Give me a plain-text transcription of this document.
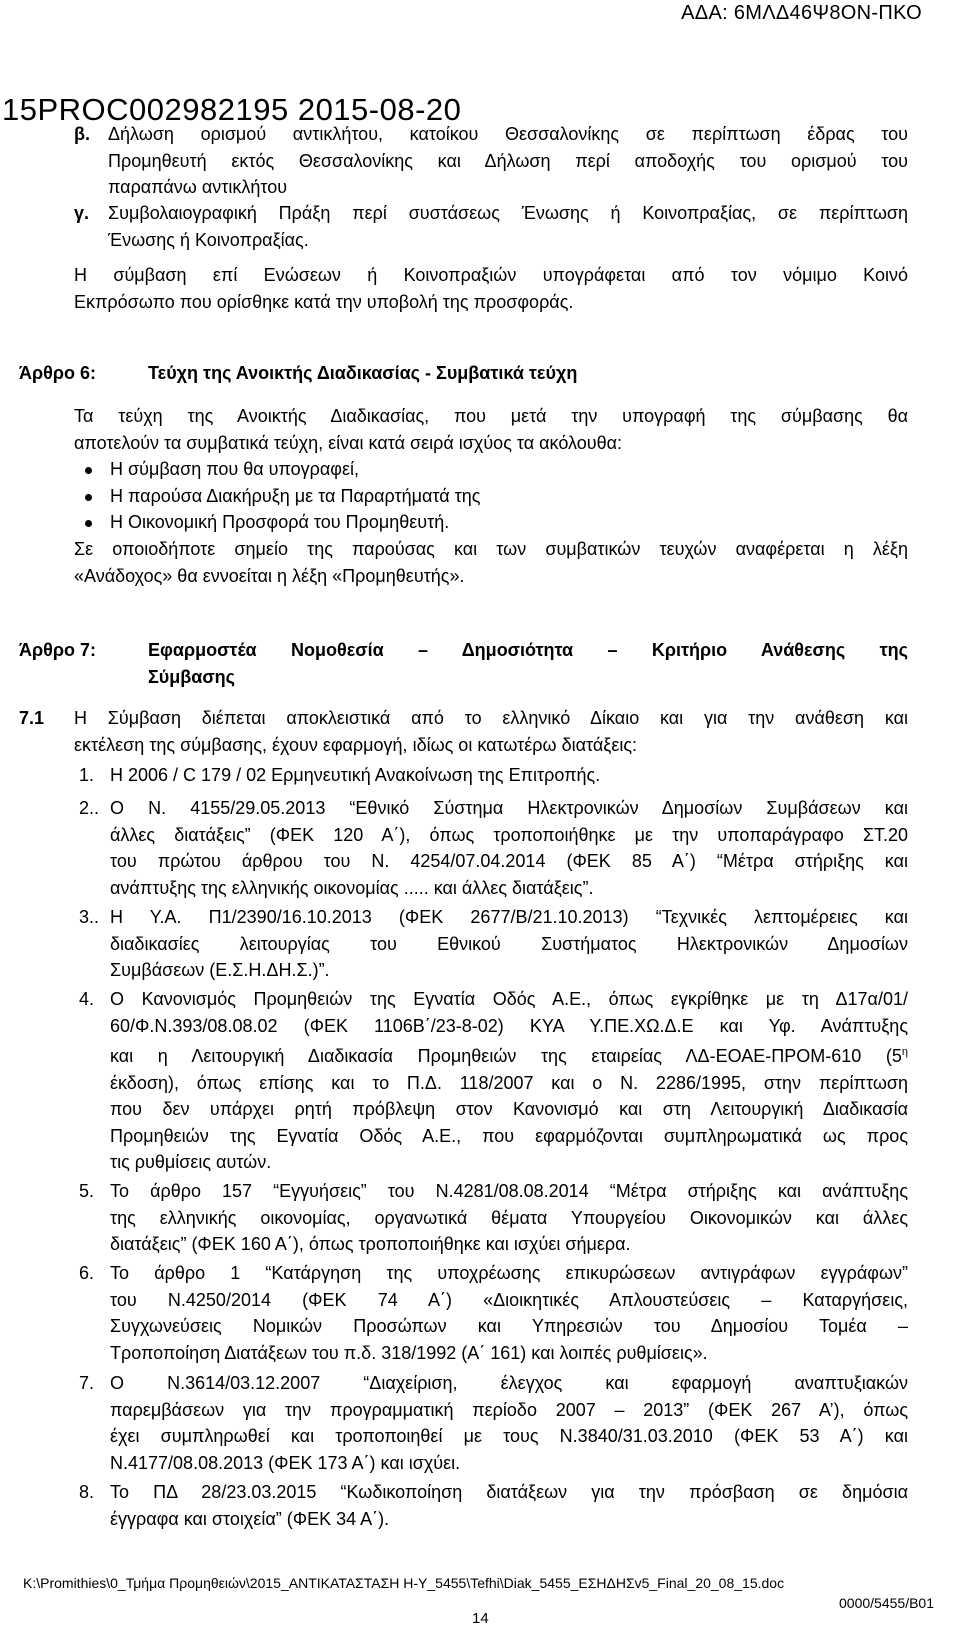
ΑΔΑ: 6ΜΛΔ46Ψ8ΟΝ-ΠΚΟ
15PROC002982195 2015-08-20
β. Δήλωση ορισμού αντικλήτου, κατοίκου Θεσσαλονίκης σε περίπτωση έδρας του
Προμηθευτή εκτός Θεσσαλονίκης και Δήλωση περί αποδοχής του ορισμού του
παραπάνω αντικλήτου
γ. Συμβολαιογραφική Πράξη περί συστάσεως Ένωσης ή Κοινοπραξίας, σε περίπτωση
Ένωσης ή Κοινοπραξίας.
Η σύμβαση επί Ενώσεων ή Κοινοπραξιών υπογράφεται από τον νόμιμο Κοινό
Εκπρόσωπο που ορίσθηκε κατά την υποβολή της προσφοράς.
Άρθρο 6:	Τεύχη της Ανοικτής Διαδικασίας - Συμβατικά τεύχη
Τα τεύχη της Ανοικτής Διαδικασίας, που μετά την υπογραφή της σύμβασης θα
αποτελούν τα συμβατικά τεύχη, είναι κατά σειρά ισχύος τα ακόλουθα:
Η σύμβαση που θα υπογραφεί,
Η παρούσα Διακήρυξη με τα Παραρτήματά της
Η Οικονομική Προσφορά του Προμηθευτή.
Σε οποιοδήποτε σημείο της παρούσας και των συμβατικών τευχών αναφέρεται η λέξη
«Ανάδοχος» θα εννοείται η λέξη «Προμηθευτής».
Άρθρο 7:	Εφαρμοστέα Νομοθεσία – Δημοσιότητα – Κριτήριο Ανάθεσης της
Σύμβασης
7.1 Η Σύμβαση διέπεται αποκλειστικά από το ελληνικό Δίκαιο και για την ανάθεση και
εκτέλεση της σύμβασης, έχουν εφαρμογή, ιδίως οι κατωτέρω διατάξεις:
1. Η 2006 / C 179 / 02 Ερμηνευτική Ανακοίνωση της Επιτροπής.
2.. Ο Ν. 4155/29.05.2013 “Εθνικό Σύστημα Ηλεκτρονικών Δημοσίων Συμβάσεων και
άλλες διατάξεις” (ΦΕΚ 120 Α΄), όπως τροποποιήθηκε με την υποπαράγραφο ΣΤ.20
του πρώτου άρθρου του Ν. 4254/07.04.2014 (ΦΕΚ 85 Α΄) “Μέτρα στήριξης και
ανάπτυξης της ελληνικής οικονομίας ..... και άλλες διατάξεις”.
3.. Η Υ.Α. Π1/2390/16.10.2013 (ΦΕΚ 2677/Β/21.10.2013) “Τεχνικές λεπτομέρειες και
διαδικασίες λειτουργίας του Εθνικού Συστήματος Ηλεκτρονικών Δημοσίων
Συμβάσεων (Ε.Σ.Η.ΔΗ.Σ.)”.
4. Ο Κανονισμός Προμηθειών της Εγνατία Οδός Α.Ε., όπως εγκρίθηκε με τη Δ17α/01/
60/Φ.Ν.393/08.08.02 (ΦΕΚ 1106Β΄/23-8-02) ΚΥΑ Υ.ΠΕ.ΧΩ.Δ.Ε και Υφ. Ανάπτυξης
και η Λειτουργική Διαδικασία Προμηθειών της εταιρείας ΛΔ-ΕΟΑΕ-ΠΡΟΜ-610 ($5^\eta$
έκδοση), όπως επίσης και το Π.Δ. 118/2007 και ο Ν. 2286/1995, στην περίπτωση
που δεν υπάρχει ρητή πρόβλεψη στον Κανονισμό και στη Λειτουργική Διαδικασία
Προμηθειών της Εγνατία Οδός Α.Ε., που εφαρμόζονται συμπληρωματικά ως προς
τις ρυθμίσεις αυτών.
5. Το άρθρο 157 “Εγγυήσεις” του Ν.4281/08.08.2014 “Μέτρα στήριξης και ανάπτυξης
της ελληνικής οικονομίας, οργανωτικά θέματα Υπουργείου Οικονομικών και άλλες
διατάξεις” (ΦΕΚ 160 Α΄), όπως τροποποιήθηκε και ισχύει σήμερα.
6. Το άρθρο 1 “Κατάργηση της υποχρέωσης επικυρώσεων αντιγράφων εγγράφων”
του Ν.4250/2014 (ΦΕΚ 74 Α΄) «Διοικητικές Απλουστεύσεις – Καταργήσεις,
Συγχωνεύσεις Νομικών Προσώπων και Υπηρεσιών του Δημοσίου Τομέα –
Τροποποίηση Διατάξεων του π.δ. 318/1992 (Α΄ 161) και λοιπές ρυθμίσεις».
7. Ο Ν.3614/03.12.2007 “Διαχείριση, έλεγχος και εφαρμογή αναπτυξιακών
παρεμβάσεων για την προγραμματική περίοδο 2007 – 2013” (ΦΕΚ 267 Α’), όπως
έχει συμπληρωθεί και τροποποιηθεί με τους Ν.3840/31.03.2010 (ΦΕΚ 53 Α΄) και
Ν.4177/08.08.2013 (ΦΕΚ 173 Α΄) και ισχύει.
8. Το ΠΔ 28/23.03.2015 “Κωδικοποίηση διατάξεων για την πρόσβαση σε δημόσια
έγγραφα και στοιχεία” (ΦΕΚ 34 Α΄).
K:\Promithies\0_Τμήμα Προμηθειών\2015_ΑΝΤΙΚΑΤΑΣΤΑΣΗ Η-Υ_5455\Tefhi\Diak_5455_ΕΣΗΔΗΣv5_Final_20_08_15.doc
0000/5455/Β01
14
